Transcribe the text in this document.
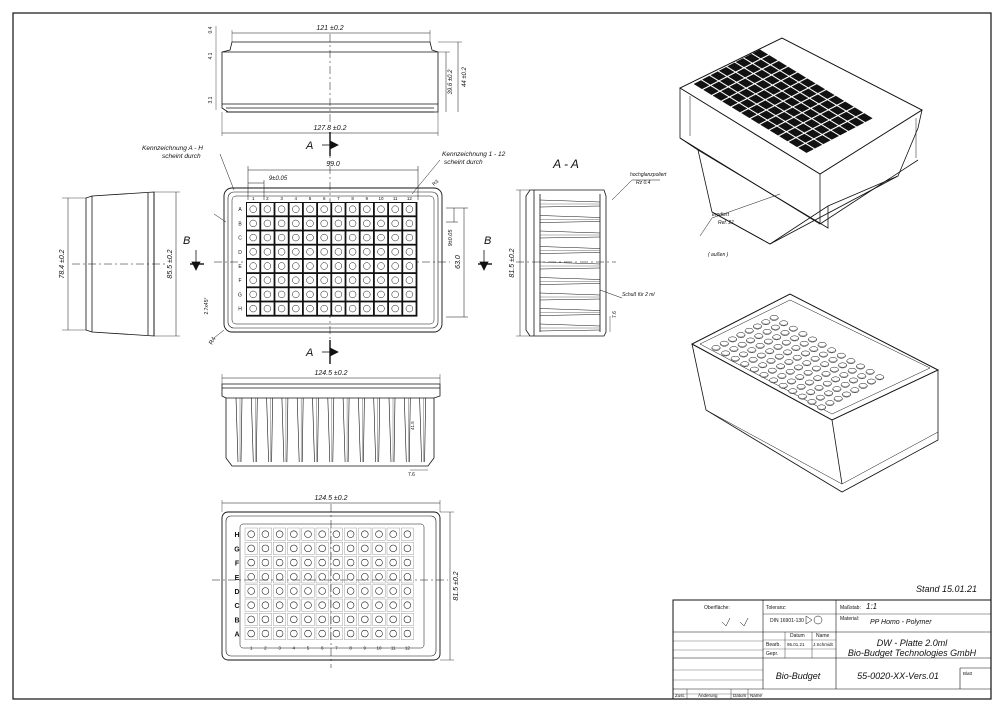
121 ±0.2
127.8 ±0.2
39.6 ±0.2 44 ±0.2
0.4
4.1
3.1
78.4 ±0.2	85.5 ±0.2
B	B
1	2	3	4	5	6	7	8	9 10 11 12
A
B
C
D
E
F
G
H
99.0
9±0.05
63.0
9±0.05
2.7x45°
R4
R3
Kennzeichnung A - H
scheint durch	Kennzeichnung 1 - 12
scheint durch
A
A
A - A
81.5 ±0.2
hochglanzpoliert
Rz 0.4
Schuß für 2 ml
7.6
124.5 ±0.2
41.5
7.6
H
G
F
E
D
C
B
A
1	2	3	4	5	6	7	8	9 10 11 12
124.5 ±0.2
81.5 ±0.2
erodiert
Ref. 21
( außen )
Stand 15.01.21
Oberfläche:	Toleranz:
DIN 16901-130
Maßstab: 1:1
Material: PP Homo - Polymer
Datum Name
Bearb.
Gepr.
95.01.21 J.Schmidt	DW - Platte 2.0ml
Bio-Budget Technologies GmbH
Bio-Budget	55-0020-XX-Vers.01	Blatt
Zust.	Änderung	Datum Name
